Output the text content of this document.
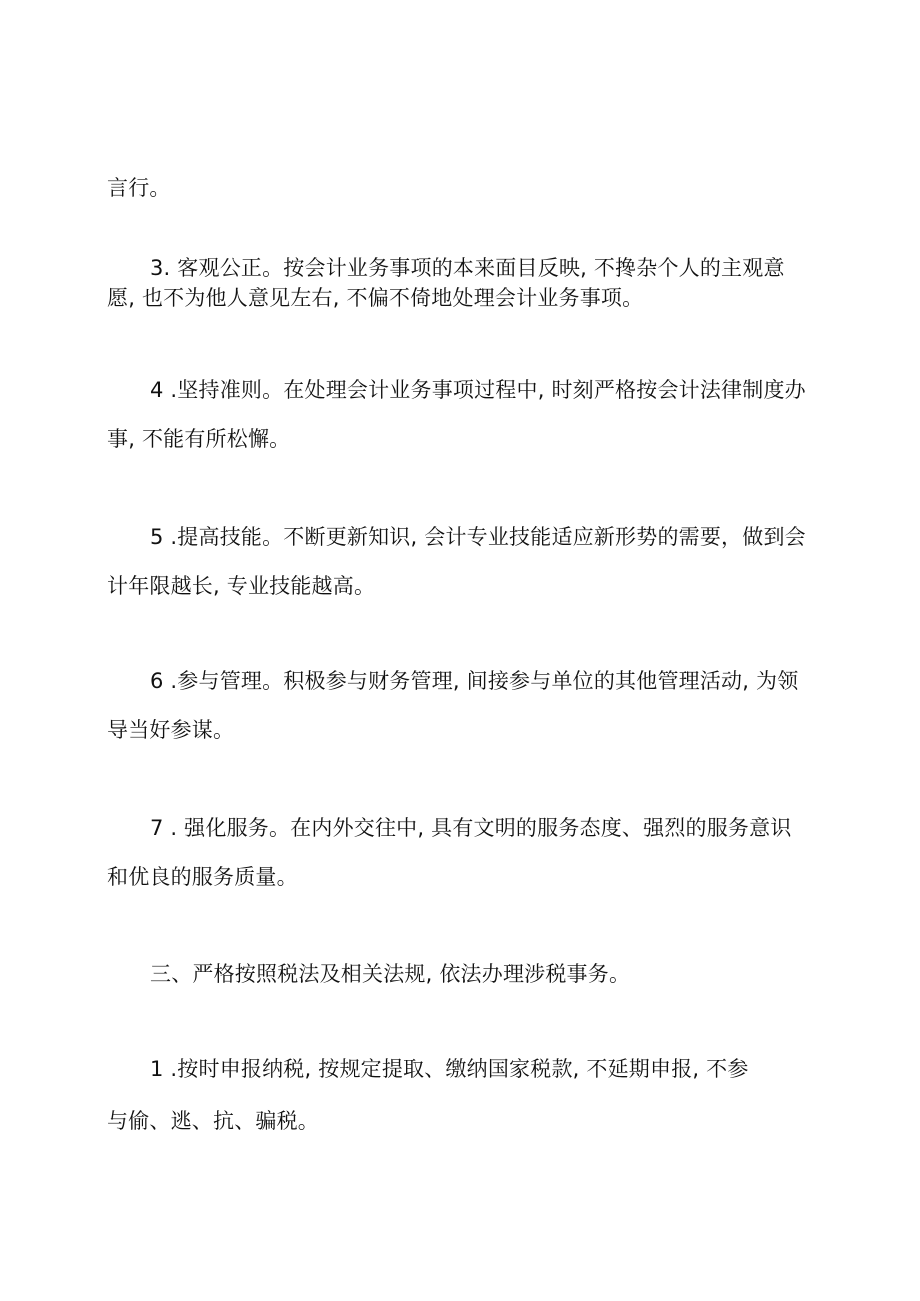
言行。

3. 客观公正。按会计业务事项的本来面目反映, 不搀杂个人的主观意

愿, 也不为他人意见左右, 不偏不倚地处理会计业务事项。

4 .坚持准则。在处理会计业务事项过程中, 时刻严格按会计法律制度办

事, 不能有所松懈。

5 .提高技能。不断更新知识, 会计专业技能适应新形势的需要，做到会

计年限越长, 专业技能越高。

6 .参与管理。积极参与财务管理, 间接参与单位的其他管理活动, 为领

导当好参谋。

7 . 强化服务。在内外交往中, 具有文明的服务态度、强烈的服务意识

和优良的服务质量。

三、严格按照税法及相关法规, 依法办理涉税事务。

1 .按时申报纳税, 按规定提取、缴纳国家税款, 不延期申报, 不参

与偷、逃、抗、骗税。
